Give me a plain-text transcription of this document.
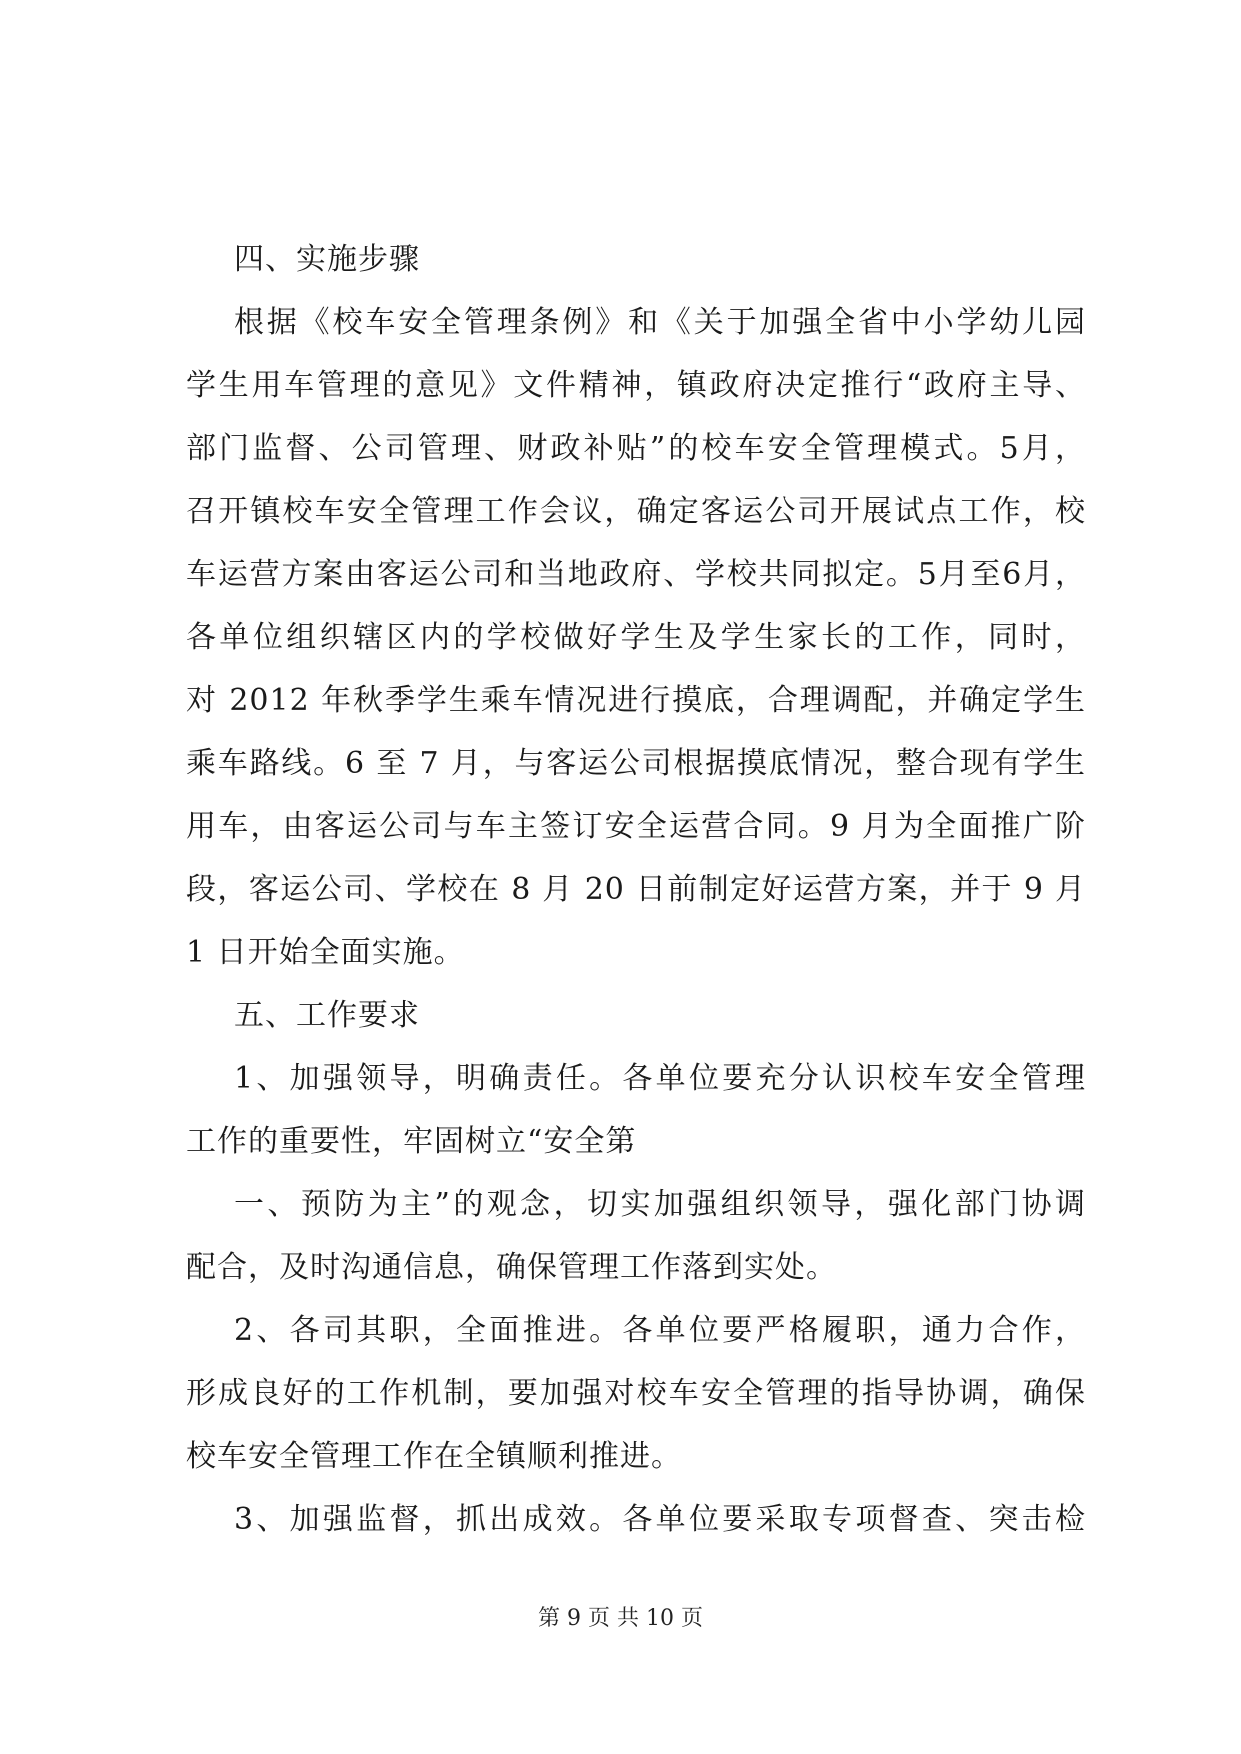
四、实施步骤
根据《校车安全管理条例》和《关于加强全省中小学幼儿园
学生用车管理的意见》文件精神，镇政府决定推行“政府主导、
部门监督、公司管理、财政补贴”的校车安全管理模式。5月，
召开镇校车安全管理工作会议，确定客运公司开展试点工作，校
车运营方案由客运公司和当地政府、学校共同拟定。5月至6月，
各单位组织辖区内的学校做好学生及学生家长的工作，同时，
对 2012 年秋季学生乘车情况进行摸底，合理调配，并确定学生
乘车路线。6 至 7 月，与客运公司根据摸底情况，整合现有学生
用车，由客运公司与车主签订安全运营合同。9 月为全面推广阶
段，客运公司、学校在 8 月 20 日前制定好运营方案，并于 9 月
1 日开始全面实施。
五、工作要求
1、加强领导，明确责任。各单位要充分认识校车安全管理
工作的重要性，牢固树立“安全第
一、预防为主”的观念，切实加强组织领导，强化部门协调
配合，及时沟通信息，确保管理工作落到实处。
2、各司其职，全面推进。各单位要严格履职，通力合作，
形成良好的工作机制，要加强对校车安全管理的指导协调，确保
校车安全管理工作在全镇顺利推进。
3、加强监督，抓出成效。各单位要采取专项督查、突击检
第 9 页 共 10 页
